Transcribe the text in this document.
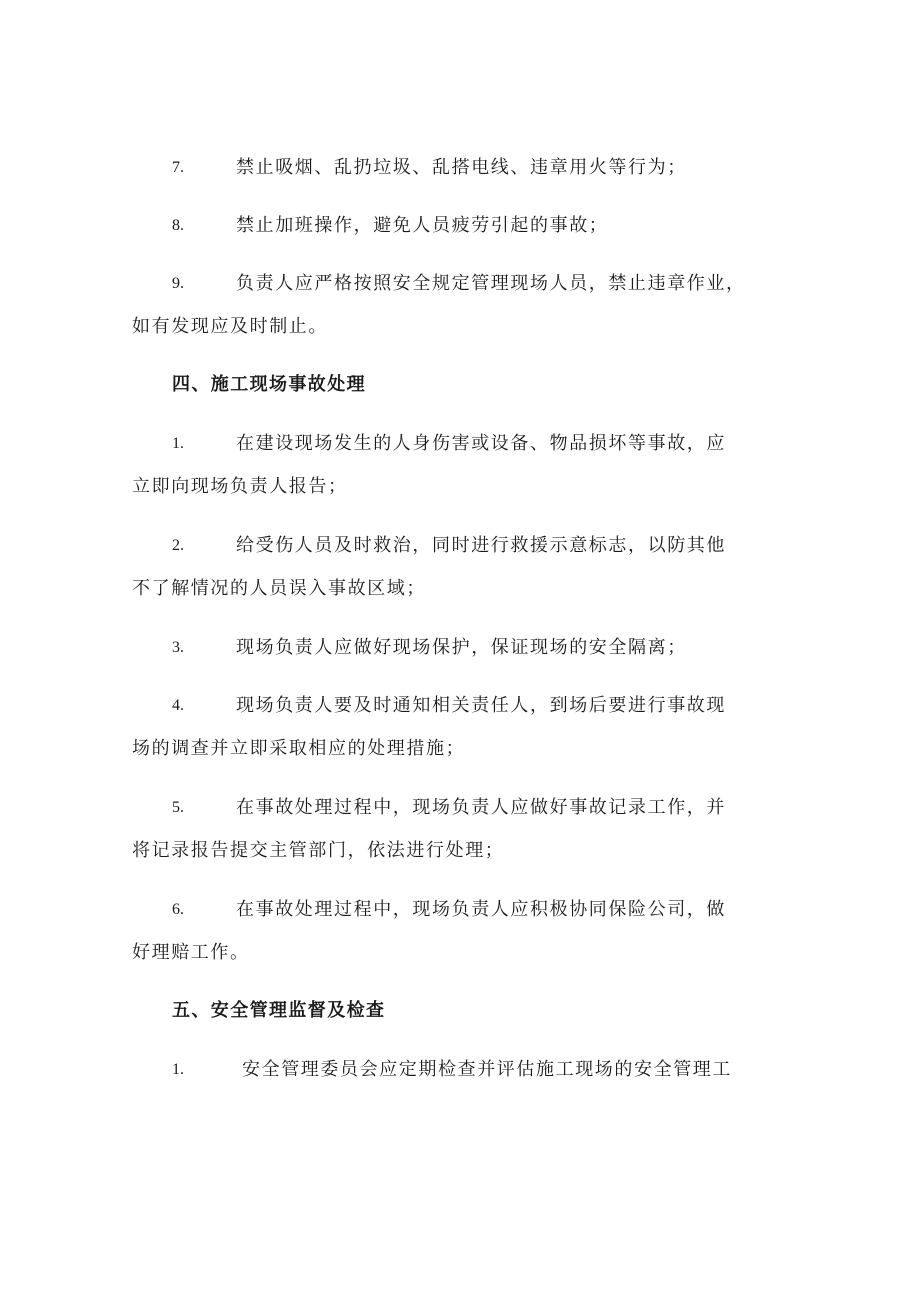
7.	禁止吸烟、乱扔垃圾、乱搭电线、违章用火等行为；
8.	禁止加班操作，避免人员疲劳引起的事故；
9.	负责人应严格按照安全规定管理现场人员，禁止违章作业，
如有发现应及时制止。
四、施工现场事故处理
1.	在建设现场发生的人身伤害或设备、物品损坏等事故，应
立即向现场负责人报告；
2.	给受伤人员及时救治，同时进行救援示意标志，以防其他
不了解情况的人员误入事故区域；
3.	现场负责人应做好现场保护，保证现场的安全隔离；
4.	现场负责人要及时通知相关责任人，到场后要进行事故现
场的调查并立即采取相应的处理措施；
5.	在事故处理过程中，现场负责人应做好事故记录工作，并
将记录报告提交主管部门，依法进行处理；
6.	在事故处理过程中，现场负责人应积极协同保险公司，做
好理赔工作。
五、安全管理监督及检查
1.	安全管理委员会应定期检查并评估施工现场的安全管理工
